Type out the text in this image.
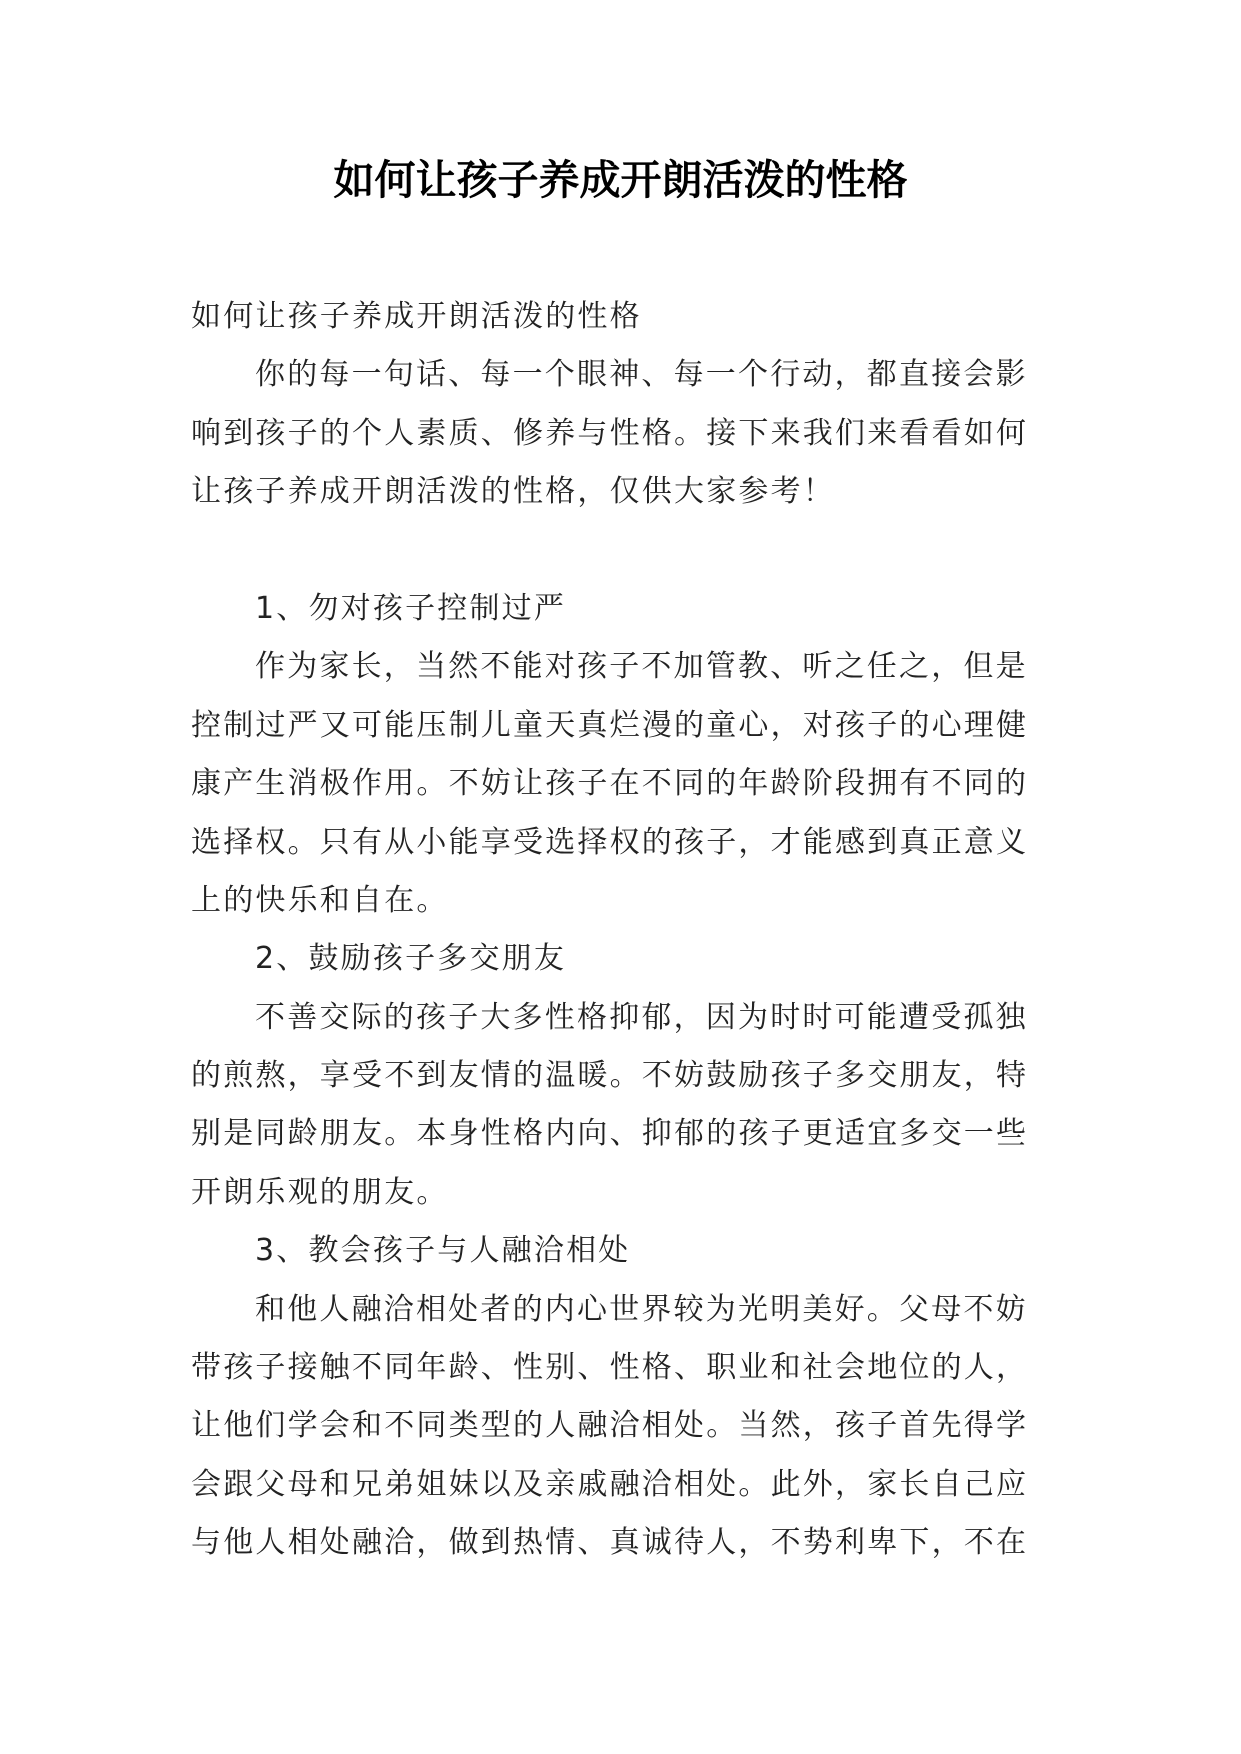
如何让孩子养成开朗活泼的性格
如何让孩子养成开朗活泼的性格
你的每一句话、每一个眼神、每一个行动，都直接会影
响到孩子的个人素质、修养与性格。接下来我们来看看如何
让孩子养成开朗活泼的性格，仅供大家参考！
1、勿对孩子控制过严
作为家长，当然不能对孩子不加管教、听之任之，但是
控制过严又可能压制儿童天真烂漫的童心，对孩子的心理健
康产生消极作用。不妨让孩子在不同的年龄阶段拥有不同的
选择权。只有从小能享受选择权的孩子，才能感到真正意义
上的快乐和自在。
2、鼓励孩子多交朋友
不善交际的孩子大多性格抑郁，因为时时可能遭受孤独
的煎熬，享受不到友情的温暖。不妨鼓励孩子多交朋友，特
别是同龄朋友。本身性格内向、抑郁的孩子更适宜多交一些
开朗乐观的朋友。
3、教会孩子与人融洽相处
和他人融洽相处者的内心世界较为光明美好。父母不妨
带孩子接触不同年龄、性别、性格、职业和社会地位的人，
让他们学会和不同类型的人融洽相处。当然，孩子首先得学
会跟父母和兄弟姐妹以及亲戚融洽相处。此外，家长自己应
与他人相处融洽，做到热情、真诚待人，不势利卑下，不在
